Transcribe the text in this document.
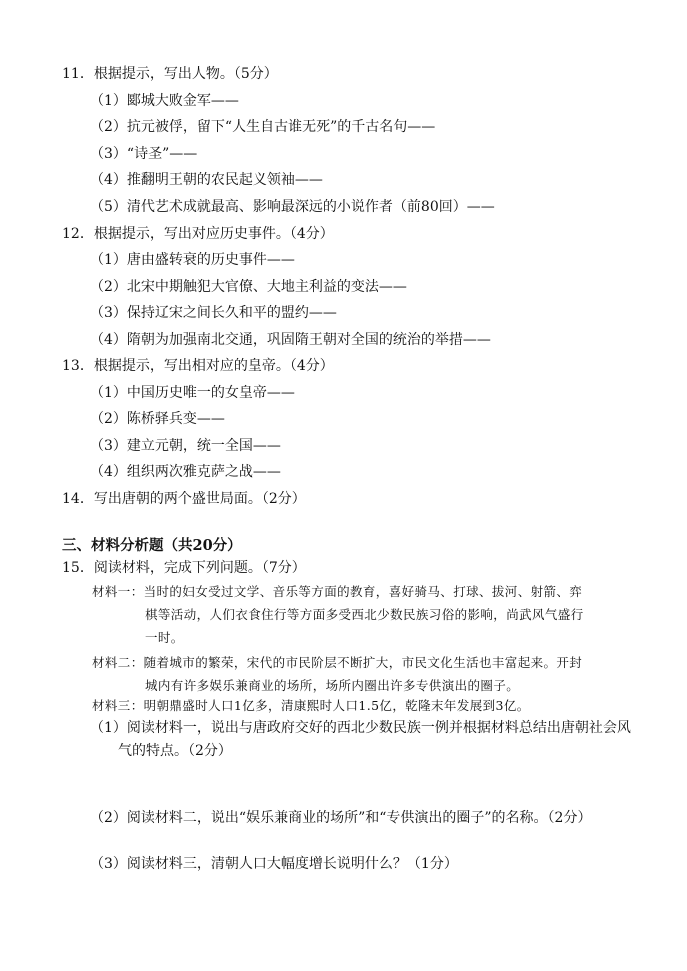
11．根据提示，写出人物。（5分）
（1）郾城大败金军——
（2）抗元被俘，留下“人生自古谁无死”的千古名句——
（3）“诗圣”——
（4）推翻明王朝的农民起义领袖——
（5）清代艺术成就最高、影响最深远的小说作者（前80回）——
12．根据提示，写出对应历史事件。（4分）
（1）唐由盛转衰的历史事件——
（2）北宋中期触犯大官僚、大地主利益的变法——
（3）保持辽宋之间长久和平的盟约——
（4）隋朝为加强南北交通，巩固隋王朝对全国的统治的举措——
13．根据提示，写出相对应的皇帝。（4分）
（1）中国历史唯一的女皇帝——
（2）陈桥驿兵变——
（3）建立元朝，统一全国——
（4）组织两次雅克萨之战——
14．写出唐朝的两个盛世局面。（2分）
三、材料分析题（共20分）
15．阅读材料，完成下列问题。（7分）
材料一：当时的妇女受过文学、音乐等方面的教育，喜好骑马、打球、拔河、射箭、弈
棋等活动，人们衣食住行等方面多受西北少数民族习俗的影响，尚武风气盛行
一时。
材料二：随着城市的繁荣，宋代的市民阶层不断扩大，市民文化生活也丰富起来。开封
城内有许多娱乐兼商业的场所，场所内圈出许多专供演出的圈子。
材料三：明朝鼎盛时人口1亿多，清康熙时人口1.5亿，乾隆末年发展到3亿。
（1）阅读材料一，说出与唐政府交好的西北少数民族一例并根据材料总结出唐朝社会风
气的特点。（2分）
（2）阅读材料二，说出“娱乐兼商业的场所”和“专供演出的圈子”的名称。（2分）
（3）阅读材料三，清朝人口大幅度增长说明什么？（1分）
